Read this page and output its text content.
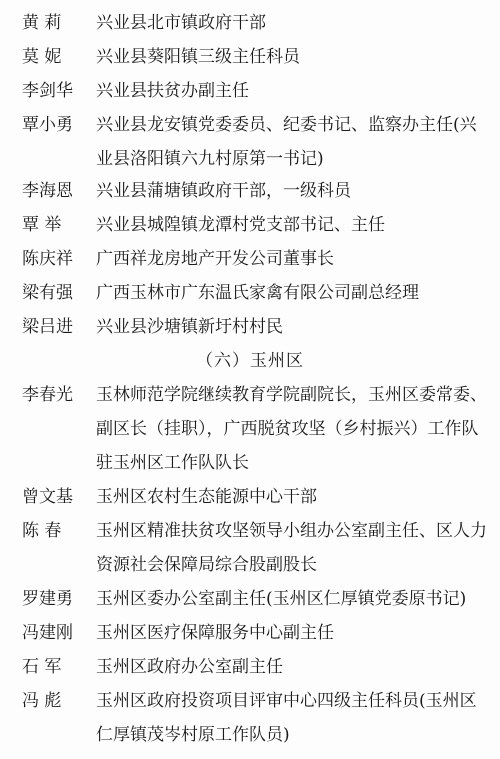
黄 莉	兴业县北市镇政府干部
莫 妮	兴业县葵阳镇三级主任科员
李剑华	兴业县扶贫办副主任
覃小勇	兴业县龙安镇党委委员、纪委书记、监察办主任(兴业县洛阳镇六九村原第一书记)
李海恩	兴业县蒲塘镇政府干部，一级科员
覃 举	兴业县城隍镇龙潭村党支部书记、主任
陈庆祥	广西祥龙房地产开发公司董事长
梁有强	广西玉林市广东温氏家禽有限公司副总经理
梁吕进	兴业县沙塘镇新圩村村民
（六）玉州区
李春光	玉林师范学院继续教育学院副院长，玉州区委常委、副区长（挂职），广西脱贫攻坚（乡村振兴）工作队驻玉州区工作队队长
曾文基	玉州区农村生态能源中心干部
陈 春	玉州区精准扶贫攻坚领导小组办公室副主任、区人力资源社会保障局综合股副股长
罗建勇	玉州区委办公室副主任(玉州区仁厚镇党委原书记)
冯建刚	玉州区医疗保障服务中心副主任
石 军	玉州区政府办公室副主任
冯 彪	玉州区政府投资项目评审中心四级主任科员(玉州区仁厚镇茂岑村原工作队员)
